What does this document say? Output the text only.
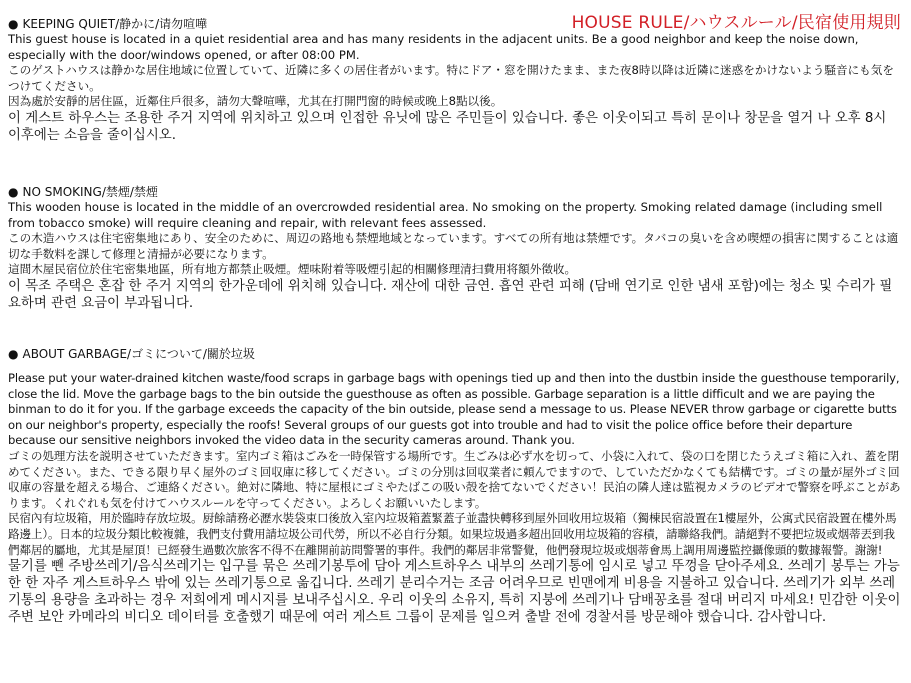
HOUSE RULE/ハウスルール/民宿使用規則
● KEEPING QUIET/静かに/请勿喧嘩

This guest house is located in a quiet residential area and has many residents in the adjacent units. Be a good neighbor and keep the noise down, especially with the door/windows opened, or after 08:00 PM.

このゲストハウスは静かな居住地域に位置していて、近隣に多くの居住者がいます。特にドア・窓を開けたまま、また夜8時以降は近隣に迷惑をかけないよう騒音にも気をつけてください。

因為處於安靜的居住區，近鄰住戶很多，請勿大聲喧嘩，尤其在打開門窗的時候或晚上8點以後。

이 게스트 하우스는 조용한 주거 지역에 위치하고 있으며 인접한 유닛에 많은 주민들이 있습니다. 좋은 이웃이되고 특히 문이나 창문을 열거 나 오후 8시 이후에는 소음을 줄이십시오.

● NO SMOKING/禁煙/禁煙

This wooden house is located in the middle of an overcrowded residential area. No smoking on the property. Smoking related damage (including smell from tobacco smoke) will require cleaning and repair, with relevant fees assessed.

この木造ハウスは住宅密集地にあり、安全のために、周辺の路地も禁煙地域となっています。すべての所有地は禁煙です。タバコの臭いを含め喫煙の損害に関することは適切な手数料を課して修理と清掃が必要になります。

這間木屋民宿位於住宅密集地區，所有地方都禁止吸煙。煙味附着等吸煙引起的相關修理清扫費用将額外徵收。

이 목조 주택은 혼잡 한 주거 지역의 한가운데에 위치해 있습니다. 재산에 대한 금연. 흡연 관련 피해 (담배 연기로 인한 냄새 포함)에는 청소 및 수리가 필요하며 관련 요금이 부과됩니다.

● ABOUT GARBAGE/ゴミについて/關於垃圾

Please put your water-drained kitchen waste/food scraps in garbage bags with openings tied up and then into the dustbin inside the guesthouse temporarily, close the lid. Move the garbage bags to the bin outside the guesthouse as often as possible. Garbage separation is a little difficult and we are paying the binman to do it for you. If the garbage exceeds the capacity of the bin outside, please send a message to us. Please NEVER throw garbage or cigarette butts on our neighbor's property, especially the roofs! Several groups of our guests got into trouble and had to visit the police office before their departure because our sensitive neighbors invoked the video data in the security cameras around. Thank you.

ゴミの処理方法を説明させていただきます。室内ゴミ箱はごみを一時保管する場所です。生ごみは必ず水を切って、小袋に入れて、袋の口を閉じたうえゴミ箱に入れ、蓋を閉めてください。また、できる限り早く屋外のゴミ回収庫に移してください。ゴミの分別は回収業者に頼んでますので、していただかなくても結構です。ゴミの量が屋外ゴミ回収庫の容量を超える場合、ご連絡ください。絶対に隣地、特に屋根にゴミやたばこの吸い殻を捨てないでください！民泊の隣人達は監視カメラのビデオで警察を呼ぶことがあります。くれぐれも気を付けてハウスルールを守ってください。よろしくお願いいたします。

民宿內有垃圾箱，用於臨時存放垃圾。厨餘請務必瀝水裝袋束口後放入室內垃圾箱蓋緊蓋子並盡快轉移到屋外回收用垃圾箱（獨棟民宿設置在1樓屋外，公寓式民宿設置在樓外馬路邊上）。日本的垃圾分類比較複雜，我們支付費用請垃圾公司代勞，所以不必自行分類。如果垃圾過多超出回收用垃圾箱的容積，請聯絡我們。請絕對不要把垃圾或烟蒂丟到我們鄰居的屬地，尤其是屋頂！已經發生過數次旅客不得不在離開前訪問警署的事件。我們的鄰居非常警覺，他們發現垃圾或烟蒂會馬上調用周邊監控攝像頭的數據報警。謝謝!

물기를 뺀 주방쓰레기/음식쓰레기는 입구를 묶은 쓰레기봉투에 담아 게스트하우스 내부의 쓰레기통에 임시로 넣고 뚜껑을 닫아주세요. 쓰레기 봉투는 가능한 한 자주 게스트하우스 밖에 있는 쓰레기통으로 옮깁니다. 쓰레기 분리수거는 조금 어려우므로 빈맨에게 비용을 지불하고 있습니다. 쓰레기가 외부 쓰레기통의 용량을 초과하는 경우 저희에게 메시지를 보내주십시오. 우리 이웃의 소유지, 특히 지붕에 쓰레기나 담배꽁초를 절대 버리지 마세요! 민감한 이웃이 주변 보안 카메라의 비디오 데이터를 호출했기 때문에 여러 게스트 그룹이 문제를 일으켜 출발 전에 경찰서를 방문해야 했습니다. 감사합니다.
